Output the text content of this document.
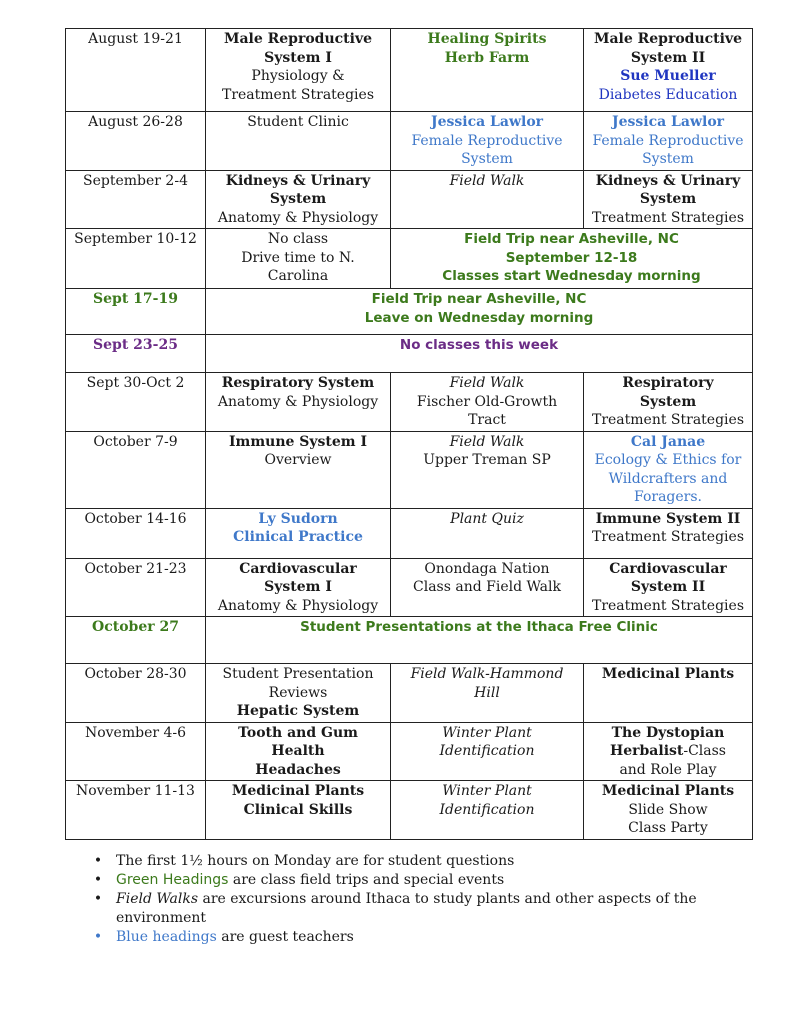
August 19-21	Male Reproductive
System I
Physiology &
Treatment Strategies	Healing Spirits
Herb Farm	Male Reproductive
System II
Sue Mueller
Diabetes Education

August 26-28	Student Clinic	Jessica Lawlor
Female Reproductive
System	Jessica Lawlor
Female Reproductive
System

September 2-4	Kidneys & Urinary
System
Anatomy & Physiology	Field Walk	Kidneys & Urinary
System
Treatment Strategies

September 10-12	No class
Drive time to N.
Carolina	Field Trip near Asheville, NC
September 12-18
Classes start Wednesday morning	

Sept 17-19	Field Trip near Asheville, NC
Leave on Wednesday morning		

Sept 23-25	No classes this week		

Sept 30-Oct 2	Respiratory System
Anatomy & Physiology	Field Walk
Fischer Old-Growth
Tract	Respiratory
System
Treatment Strategies

October 7-9	Immune System I
Overview	Field Walk
Upper Treman SP	Cal Janae
Ecology & Ethics for
Wildcrafters and
Foragers.

October 14-16	Ly Sudorn
Clinical Practice	Plant Quiz	Immune System II
Treatment Strategies

October 21-23	Cardiovascular
System I
Anatomy & Physiology	Onondaga Nation
Class and Field Walk	Cardiovascular
System II
Treatment Strategies

October 27	Student Presentations at the Ithaca Free Clinic		

October 28-30	Student Presentation
Reviews
Hepatic System	Field Walk-Hammond
Hill	Medicinal Plants

November 4-6	Tooth and Gum
Health
Headaches	Winter Plant
Identification	The Dystopian
Herbalist-Class
and Role Play

November 11-13	Medicinal Plants
Clinical Skills	Winter Plant
Identification	Medicinal Plants
Slide Show
Class Party
• The first 1½ hours on Monday are for student questions
• Green Headings are class field trips and special events
• Field Walks are excursions around Ithaca to study plants and other aspects of the environment
• Blue headings are guest teachers
